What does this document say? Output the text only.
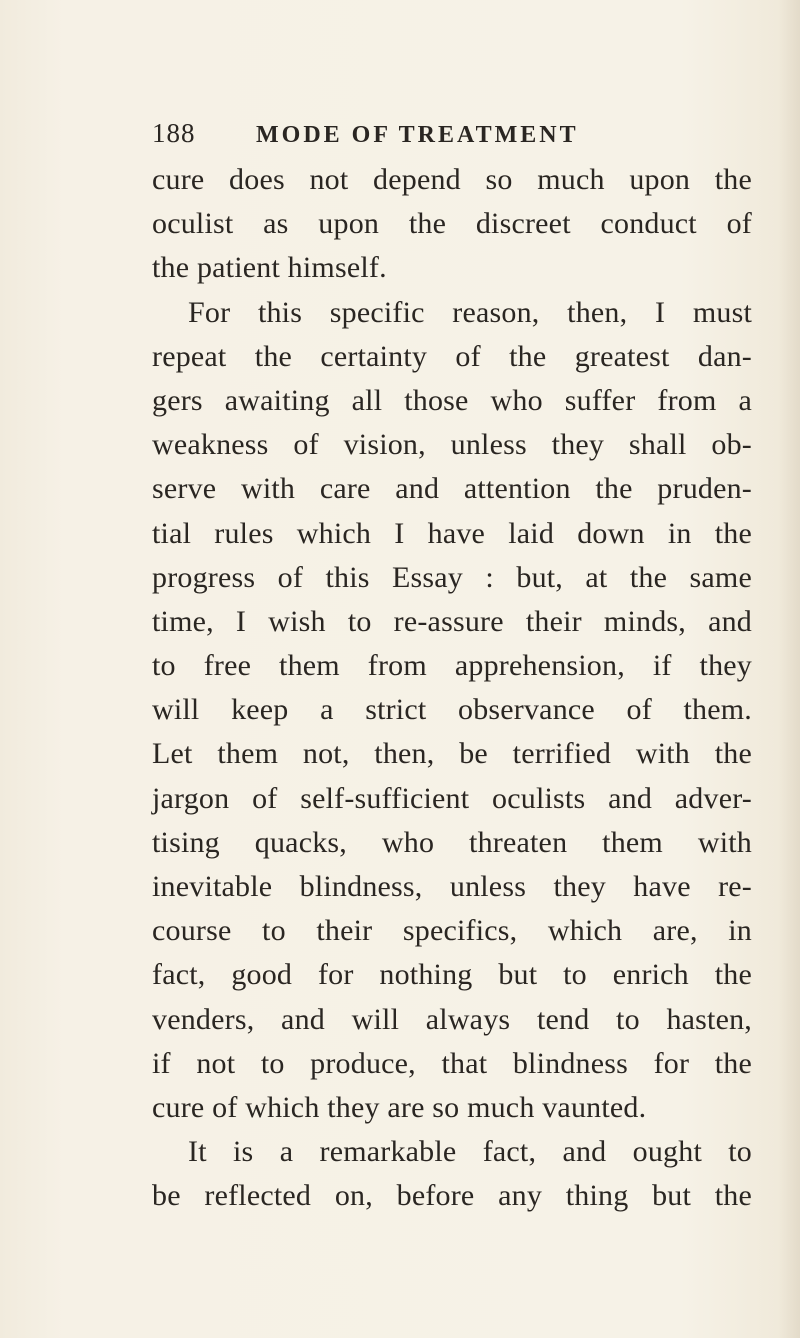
188	MODE OF TREATMENT
cure does not depend so much upon the
oculist as upon the discreet conduct of
the patient himself.
For this specific reason, then, I must
repeat the certainty of the greatest dan-
gers awaiting all those who suffer from a
weakness of vision, unless they shall ob-
serve with care and attention the pruden-
tial rules which I have laid down in the
progress of this Essay : but, at the same
time, I wish to re-assure their minds, and
to free them from apprehension, if they
will keep a strict observance of them.
Let them not, then, be terrified with the
jargon of self-sufficient oculists and adver-
tising quacks, who threaten them with
inevitable blindness, unless they have re-
course to their specifics, which are, in
fact, good for nothing but to enrich the
venders, and will always tend to hasten,
if not to produce, that blindness for the
cure of which they are so much vaunted.
It is a remarkable fact, and ought to
be reflected on, before any thing but the
